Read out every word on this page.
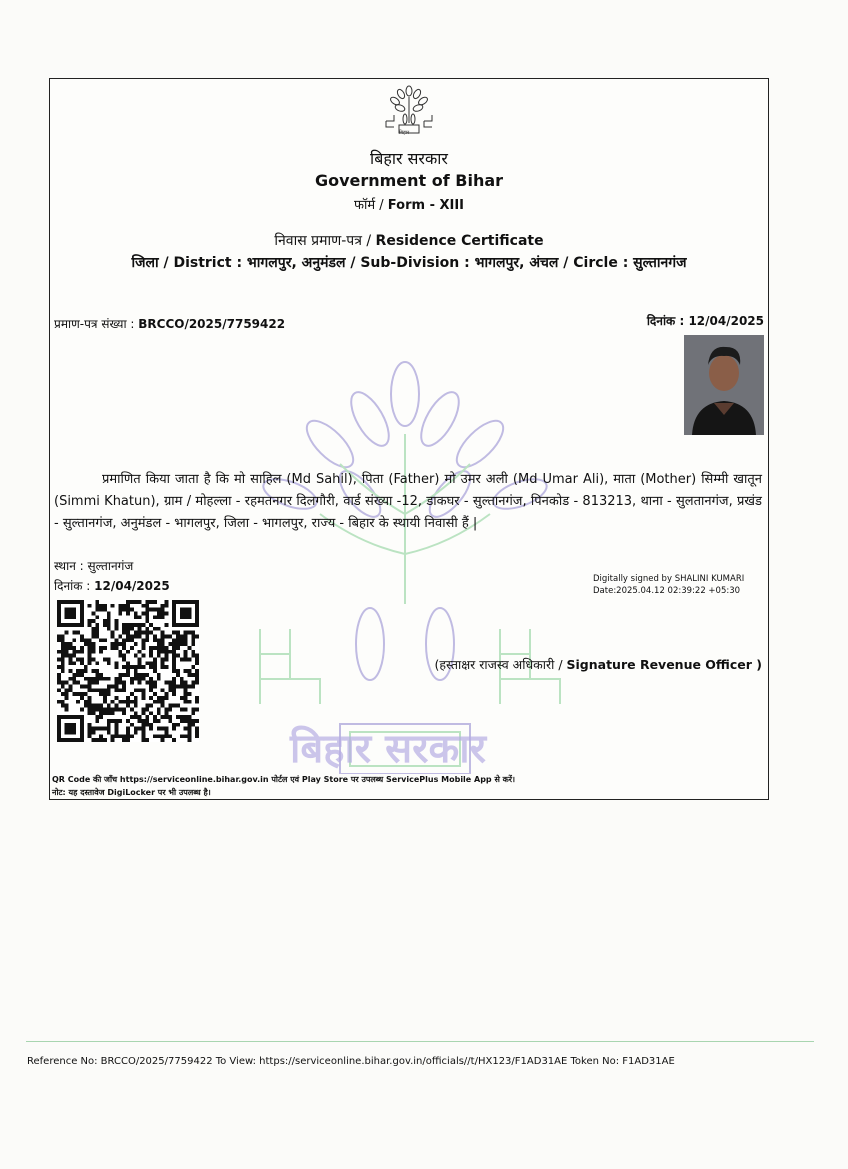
बिहार
बिहार सरकार
Government of Bihar
फॉर्म / Form - XIII
निवास प्रमाण-पत्र / Residence Certificate
जिला / District : भागलपुर, अनुमंडल / Sub-Division : भागलपुर, अंचल / Circle : सुल्तानगंज
प्रमाण-पत्र संख्या : BRCCO/2025/7759422	दिनांक : 12/04/2025
बिहार सरकार
प्रमाणित किया जाता है कि मो साहिल (Md Sahil), पिता (Father) मो उमर अली (Md Umar Ali), माता (Mother) सिम्मी खातून (Simmi Khatun), ग्राम / मोहल्ला - रहमतनगर दिलगौरी, वार्ड संख्या -12, डाकघर - सुल्तानगंज, पिनकोड - 813213, थाना - सुलतानगंज, प्रखंड - सुल्तानगंज, अनुमंडल - भागलपुर, जिला - भागलपुर, राज्य - बिहार के स्थायी निवासी हैं |
स्थान : सुल्तानगंज
दिनांक : 12/04/2025	Digitally signed by SHALINI KUMARI
Date:2025.04.12 02:39:22 +05:30
(हस्ताक्षर राजस्व अधिकारी / Signature Revenue Officer )
QR Code की जाँच https://serviceonline.bihar.gov.in पोर्टल एवं Play Store पर उपलब्ध ServicePlus Mobile App से करें।
नोट: यह दस्तावेज DigiLocker पर भी उपलब्ध है।
Reference No: BRCCO/2025/7759422 To View: https://serviceonline.bihar.gov.in/officials//t/HX123/F1AD31AE Token No: F1AD31AE
